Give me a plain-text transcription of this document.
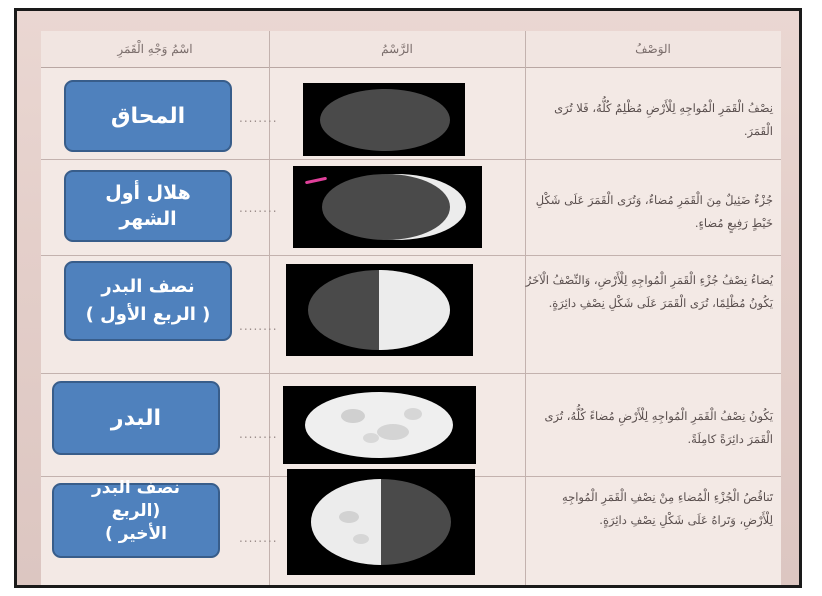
الوَصْفُ
الرَّسْمُ
اسْمُ وَجْهِ الْقَمَرِ
نِصْفُ الْقَمَرِ الْمُواجِهِ لِلْأَرْضِ مُظْلِمٌ كُلُّهُ، فَلا تُرَى الْقَمَرَ.
جُزْءٌ ضَئِيلٌ مِنَ الْقَمَرِ مُضاءٌ، وَتُرَى الْقَمَرَ عَلَى شَكْلِ خَيْطٍ رَفِيعٍ مُضاءٍ.
يُضاءُ نِصْفُ جُزْءِ الْقَمَرِ الْمُواجِهِ لِلْأَرْضِ، وَالنِّصْفُ الْآخَرُ يَكُونُ مُظْلِمًا، تُرَى الْقَمَرَ عَلَى شَكْلِ نِصْفِ دائِرَةٍ.
يَكُونُ نِصْفُ الْقَمَرِ الْمُواجِهِ لِلْأَرْضِ مُضاءً كُلُّهُ، تُرَى الْقَمَرَ دائِرَةً كامِلَةً.
تَناقُصُ الْجُزْءِ الْمُضاءِ مِنْ نِصْفِ الْقَمَرِ الْمُواجِهِ لِلْأَرْضِ، وَتَراهُ عَلَى شَكْلِ نِصْفِ دائِرَةٍ.
........
........
........
........
........
المحاق
هلال أول
الشهر
نصف البدر
( الربع الأول )
البدر
نصف البدر
(الربع
الأخير )
